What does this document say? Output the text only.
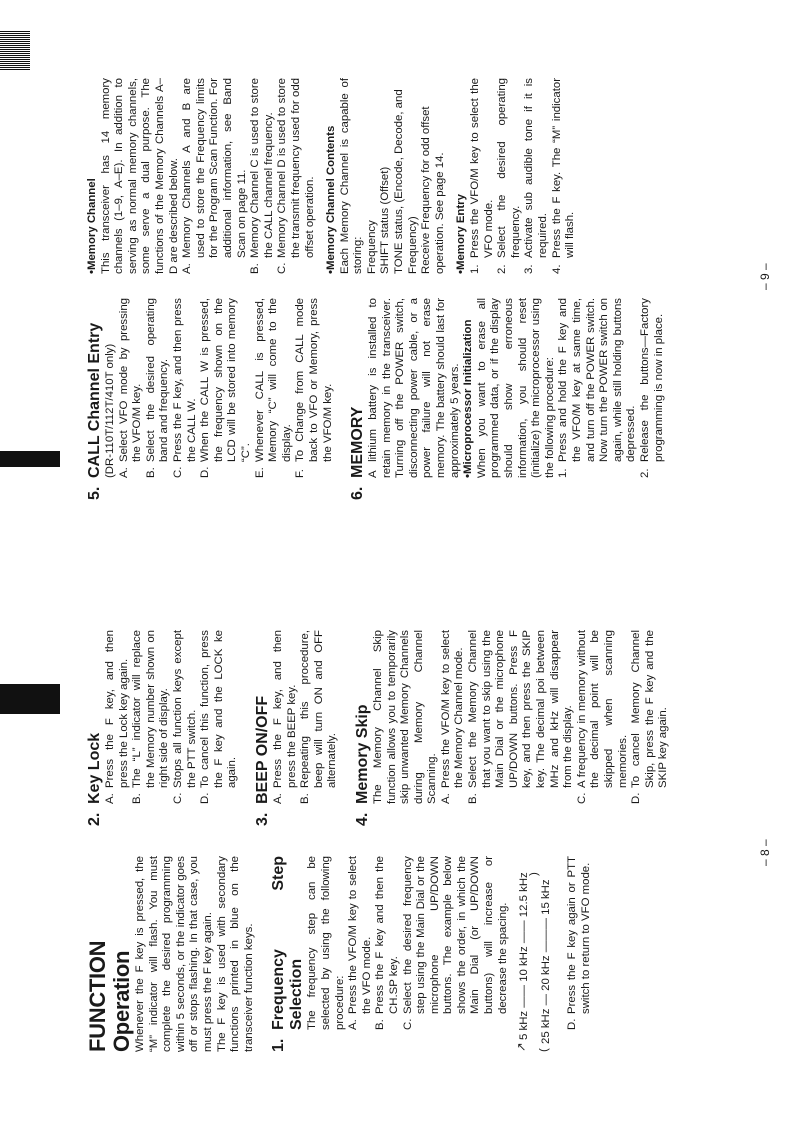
FUNCTION Operation Whenever the F key is pressed, the “M” indicator will flash. You must complete the desired programming within 5 seconds, or the indicator goes off or stops flashing. In that case, you must press the F key again. The F key is used with secondary functions printed in blue on the transceiver function keys. 1.
Frequency Step Selection The frequency step can be selected by using the following procedure: A.
Press the VFO/M key to select the VFO mode.
B.
Press the F key and then the CH.SP key.
C.
Select the desired frequency step using the Main Dial or the microphone UP/DOWN buttons. The example below shows the order, in which the Main Dial (or UP/DOWN buttons) will increase or decrease the spacing.
↗
5 kHz —— 10 kHz —— 12.5 kHz
(
25 kHz — 20 kHz ——— 15 kHz
)
D.
Press the F key again or PTT switch to return to VFO mode.

2.
Key Lock A.
Press the F key, and then press the Lock key again.
B.
The “L” indicator will replace the Memory number shown on right side of display.
C.
Stops all function keys except the PTT switch.
D.
To cancel this function, press the F key and the LOCK ke again.

3.
BEEP ON/OFF A.
Press the F key, and then press the BEEP key.
B.
Repeating this procedure, beep will turn ON and OFF alternately.

4.
Memory Skip The Memory Channel Skip function allows you to temporarily skip unwanted Memory Channels during Memory Channel Scanning. A.
Press the VFO/M key to select the Memory Channel mode.
B.
Select the Memory Channel that you want to skip using the Main Dial or the microphone UP/DOWN buttons. Press F key, and then press the SKIP key. The decimal poi between MHz and kHz will disappear from the display.
C.
A frequency in memory without the decimal point will be skipped when scanning memories.
D.
To cancel Memory Channel Skip, press the F key and the SKIP key again.
– 8 –

5.
CALL Channel Entry (DR-110T/112T/410T only) A.
Select VFO mode by pressing the VFO/M key.
B.
Select the desired operating band and frequency.
C.
Press the F key, and then press the CALL W.
D.
When the CALL W is pressed, the frequency shown on the LCD will be stored into memory “C”.
E.
Whenever CALL is pressed, Memory “C” will come to the display.
F.
To Change from CALL mode back to VFO or Memory, press the VFO/M key.

6.
MEMORY A lithium battery is installed to retain memory in the transceiver. Turning off the POWER switch, disconnecting power cable, or a power failure will not erase memory. The battery should last for approximately 5 years. •Microprocessor Initialization When you want to erase all programmed data, or if the display should show erroneous information, you should reset (initialize) the microprocessor using the following procedure: 1.
Press and hold the F key and the VFO/M key at same time, and turn off the POWER switch. Now turn the POWER switch on again, while still holding buttons depressed.
2.
Release the buttons—Factory programming is now in place.

•Memory Channel This transceiver has 14 memory channels (1–9, A–E). In addition to serving as normal memory channels, some serve a dual purpose. The functions of the Memory Channels A–D are described below. A.
Memory Channels A and B are used to store the Frequency limits for the Program Scan Function. For additional information, see Band Scan on page 11.
B.
Memory Channel C is used to store the CALL channel frequency.
C.
Memory Channel D is used to store the transmit frequency used for odd offset operation. •Memory Channel Contents Each Memory Channel is capable of storing: Frequency SHIFT status (Offset) TONE status, (Encode, Decode, and Frequency) Receive Frequency for odd offset operation. See page 14. •Memory Entry 1.
Press the VFO/M key to select the VFO mode.
2.
Select the desired operating frequency.
3.
Activate sub audible tone if it is required.
4.
Press the F key. The “M” indicator will flash.
– 9 –
